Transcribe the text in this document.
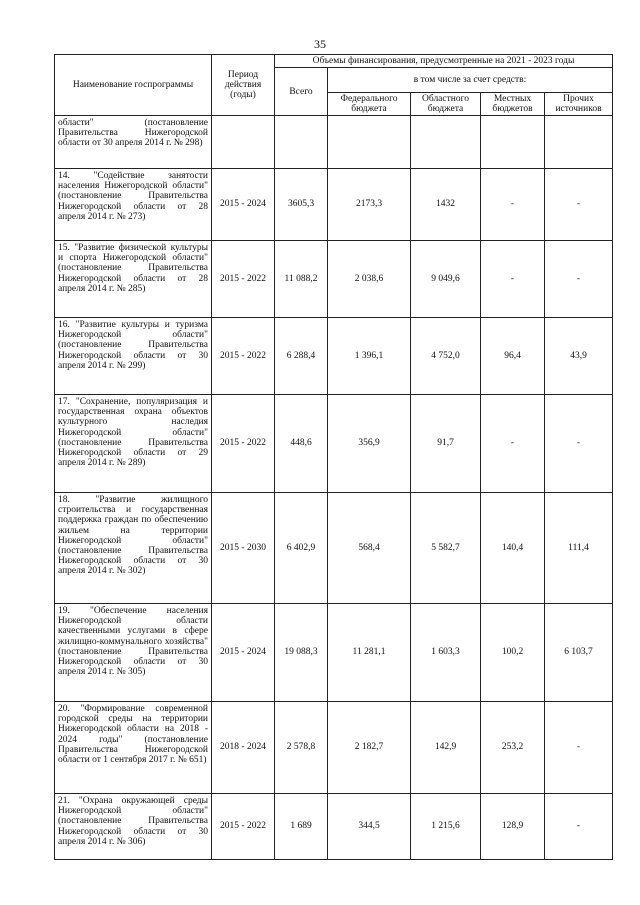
35
Наименование госпрограммы	Период действия (годы)	Объемы финансирования, предусмотренные на 2021 - 2023 годы				
		Всего	в том числе за счет средств:			
			Федерального бюджета	Областного бюджета	Местных бюджетов	Прочих источников
области" (постановление Правительства Нижегородской области от 30 апреля 2014 г. № 298)						
14. "Содействие занятости населения Нижегородской области" (постановление Правительства Нижегородской области от 28 апреля 2014 г. № 273)	2015 - 2024	3605,3	2173,3	1432	-	-
15. "Развитие физической культуры и спорта Нижегородской области" (постановление Правительства Нижегородской области от 28 апреля 2014 г. № 285)	2015 - 2022	11 088,2	2 038,6	9 049,6	-	-
16. "Развитие культуры и туризма Нижегородской области" (постановление Правительства Нижегородской области от 30 апреля 2014 г. № 299)	2015 - 2022	6 288,4	1 396,1	4 752,0	96,4	43,9
17. "Сохранение, популяризация и государственная охрана объектов культурного наследия Нижегородской области" (постановление Правительства Нижегородской области от 29 апреля 2014 г. № 289)	2015 - 2022	448,6	356,9	91,7	-	-
18. "Развитие жилищного строительства и государственная поддержка граждан по обеспечению жильем на территории Нижегородской области" (постановление Правительства Нижегородской области от 30 апреля 2014 г. № 302)	2015 - 2030	6 402,9	568,4	5 582,7	140,4	111,4
19. "Обеспечение населения Нижегородской области качественными услугами в сфере жилищно-коммунального хозяйства" (постановление Правительства Нижегородской области от 30 апреля 2014 г. № 305)	2015 - 2024	19 088,3	11 281,1	1 603,3	100,2	6 103,7
20. "Формирование современной городской среды на территории Нижегородской области на 2018 - 2024 годы" (постановление Правительства Нижегородской области от 1 сентября 2017 г. № 651)	2018 - 2024	2 578,8	2 182,7	142,9	253,2	-
21. "Охрана окружающей среды Нижегородской области" (постановление Правительства Нижегородской области от 30 апреля 2014 г. № 306)	2015 - 2022	1 689	344,5	1 215,6	128,9	-
